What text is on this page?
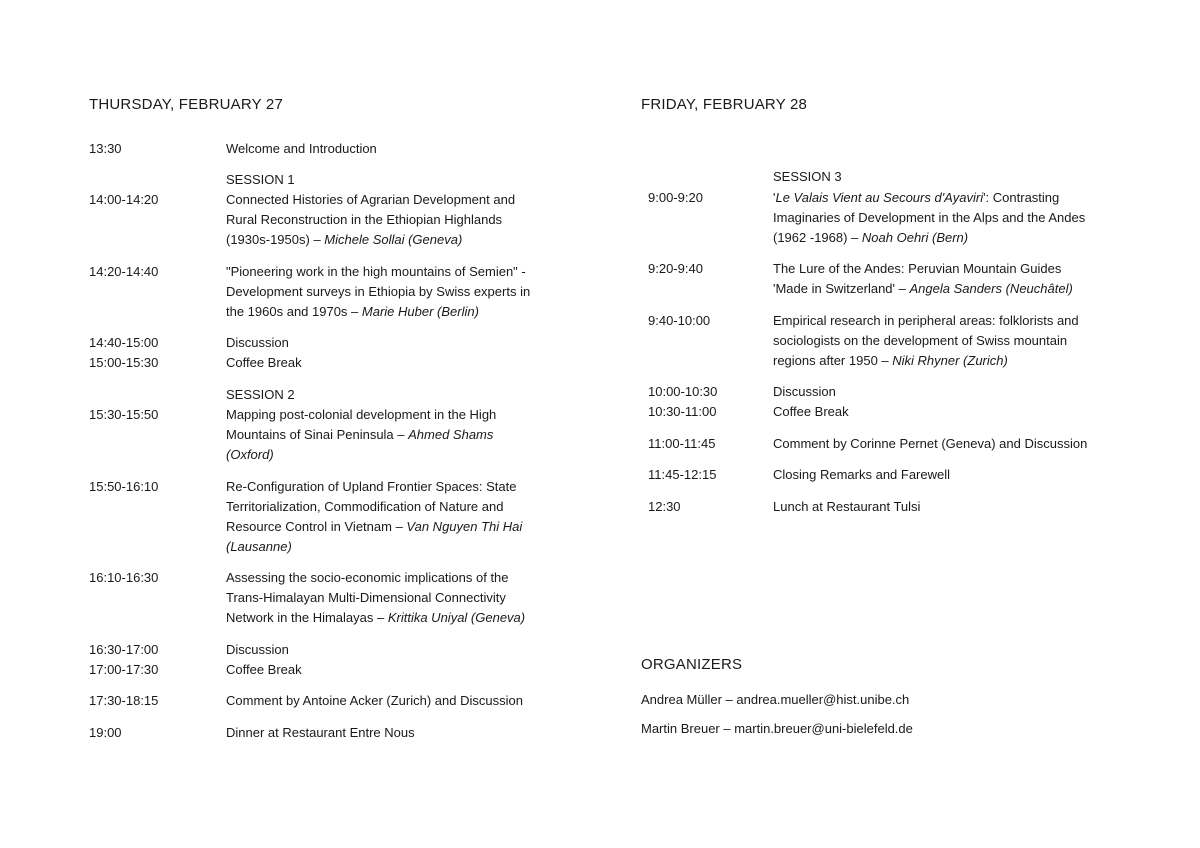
THURSDAY, FEBRUARY 27
13:30	Welcome and Introduction
SESSION 1
14:00-14:20	Connected Histories of Agrarian Development and
Rural Reconstruction in the Ethiopian Highlands
(1930s-1950s) – Michele Sollai (Geneva)
14:20-14:40	"Pioneering work in the high mountains of Semien" -
Development surveys in Ethiopia by Swiss experts in
the 1960s and 1970s – Marie Huber (Berlin)
14:40-15:00	Discussion
15:00-15:30	Coffee Break
SESSION 2
15:30-15:50	Mapping post-colonial development in the High
Mountains of Sinai Peninsula – Ahmed Shams
(Oxford)
15:50-16:10	Re-Configuration of Upland Frontier Spaces: State
Territorialization, Commodification of Nature and
Resource Control in Vietnam – Van Nguyen Thi Hai
(Lausanne)
16:10-16:30	Assessing the socio-economic implications of the
Trans-Himalayan Multi-Dimensional Connectivity
Network in the Himalayas – Krittika Uniyal (Geneva)
16:30-17:00	Discussion
17:00-17:30	Coffee Break
17:30-18:15	Comment by Antoine Acker (Zurich) and Discussion
19:00	Dinner at Restaurant Entre Nous
FRIDAY, FEBRUARY 28
SESSION 3
9:00-9:20	'Le Valais Vient au Secours d'Ayaviri': Contrasting
Imaginaries of Development in the Alps and the Andes
(1962 -1968) – Noah Oehri (Bern)
9:20-9:40	The Lure of the Andes: Peruvian Mountain Guides
'Made in Switzerland' – Angela Sanders (Neuchâtel)
9:40-10:00	Empirical research in peripheral areas: folklorists and
sociologists on the development of Swiss mountain
regions after 1950 – Niki Rhyner (Zurich)
10:00-10:30	Discussion
10:30-11:00	Coffee Break
11:00-11:45	Comment by Corinne Pernet (Geneva) and Discussion
11:45-12:15	Closing Remarks and Farewell
12:30	Lunch at Restaurant Tulsi
ORGANIZERS
Andrea Müller – andrea.mueller@hist.unibe.ch
Martin Breuer – martin.breuer@uni-bielefeld.de
